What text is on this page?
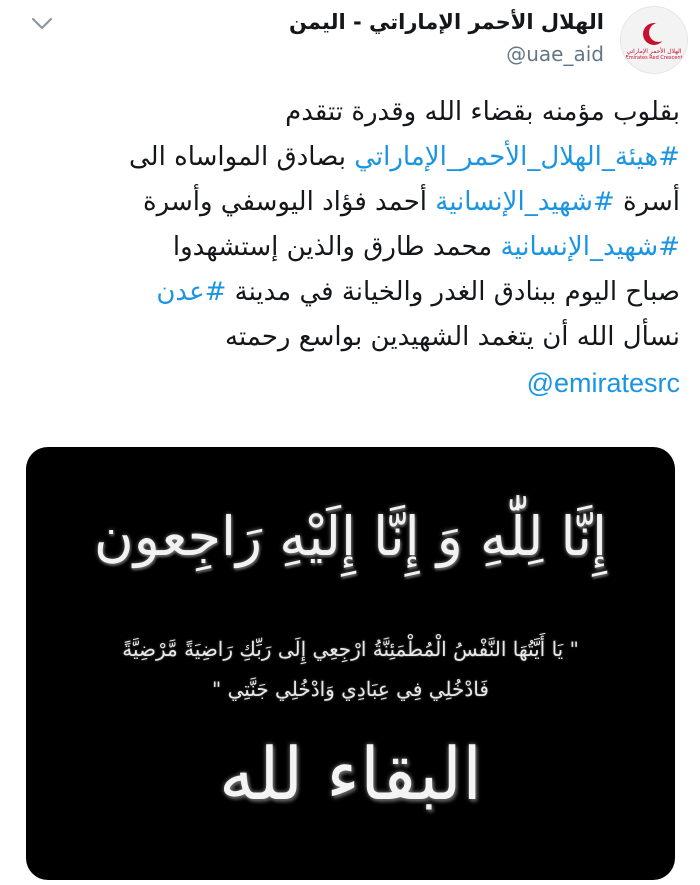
الهلال الأحمر الإماراتي - اليمن
@uae_aid	الهلال الأحمر الإماراتي
Emirates Red Crescent
بقلوب مؤمنه بقضاء الله وقدرة تتقدم
#هيئة_الهلال_الأحمر_الإماراتي بصادق المواساه الى
أسرة #شهيد_الإنسانية أحمد فؤاد اليوسفي وأسرة
#شهيد_الإنسانية محمد طارق والذين إستشهدوا
صباح اليوم ببنادق الغدر والخيانة في مدينة #عدن
نسأل الله أن يتغمد الشهيدين بواسع رحمته
@emiratesrc
إِنَّا لِلّٰهِ وَ إِنَّا إِلَيْهِ رَاجِعون
" يَا أَيَّتُهَا النَّفْسُ الْمُطْمَئِنَّةُ ارْجِعِي إِلَى رَبِّكِ رَاضِيَةً مَّرْضِيَّةً
فَادْخُلِي فِي عِبَادِي وَادْخُلِي جَنَّتِي "
البقاء لله
